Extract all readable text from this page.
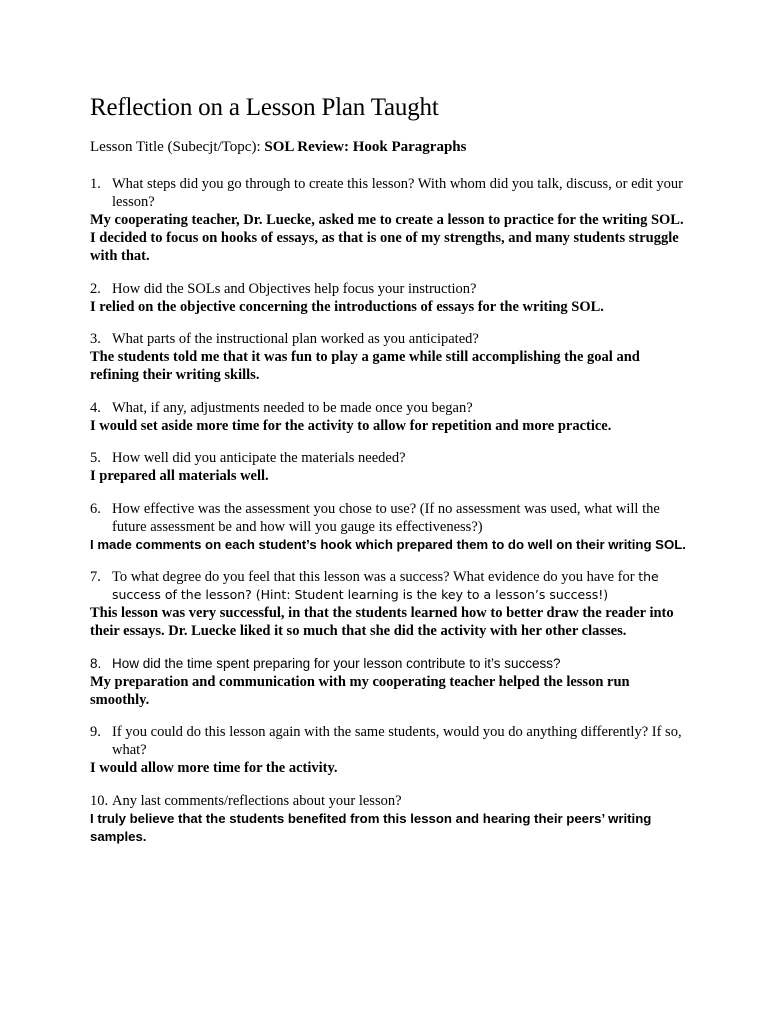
Reflection on a Lesson Plan Taught
Lesson Title (Subecjt/Topc): SOL Review: Hook Paragraphs
1. What steps did you go through to create this lesson? With whom did you talk, discuss, or edit your lesson?
My cooperating teacher, Dr. Luecke, asked me to create a lesson to practice for the writing SOL. I decided to focus on hooks of essays, as that is one of my strengths, and many students struggle with that.
2. How did the SOLs and Objectives help focus your instruction?
I relied on the objective concerning the introductions of essays for the writing SOL.
3. What parts of the instructional plan worked as you anticipated?
The students told me that it was fun to play a game while still accomplishing the goal and refining their writing skills.
4. What, if any, adjustments needed to be made once you began?
I would set aside more time for the activity to allow for repetition and more practice.
5. How well did you anticipate the materials needed?
I prepared all materials well.
6. How effective was the assessment you chose to use? (If no assessment was used, what will the future assessment be and how will you gauge its effectiveness?)
I made comments on each student’s hook which prepared them to do well on their writing SOL.
7. To what degree do you feel that this lesson was a success? What evidence do you have for the success of the lesson? (Hint: Student learning is the key to a lesson’s success!)
This lesson was very successful, in that the students learned how to better draw the reader into their essays. Dr. Luecke liked it so much that she did the activity with her other classes.
8. How did the time spent preparing for your lesson contribute to it’s success?
My preparation and communication with my cooperating teacher helped the lesson run smoothly.
9. If you could do this lesson again with the same students, would you do anything differently? If so, what?
I would allow more time for the activity.
10. Any last comments/reflections about your lesson?
I truly believe that the students benefited from this lesson and hearing their peers’ writing samples.
